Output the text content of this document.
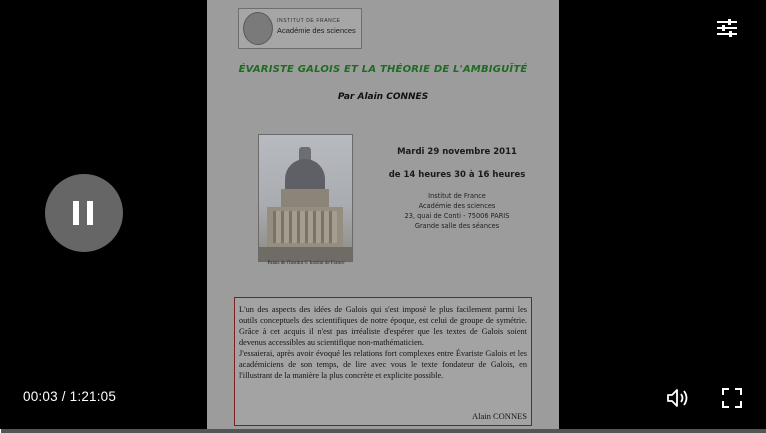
INSTITUT DE FRANCE
Académie des sciences
ÉVARISTE GALOIS ET LA THÉORIE DE L'AMBIGUÏTÉ
Par Alain CONNES
Palais de l'Institut © Institut de France
Mardi 29 novembre 2011
de 14 heures 30 à 16 heures
Institut de France
Académie des sciences
23, quai de Conti - 75006 PARIS
Grande salle des séances

L'un des aspects des idées de Galois qui s'est imposé le plus facilement parmi les outils conceptuels des scientifiques de notre époque, est celui de groupe de symétrie. Grâce à cet acquis il n'est pas irréaliste d'espérer que les textes de Galois soient devenus accessibles au scientifique non-mathématicien.

J'essaierai, après avoir évoqué les relations fort complexes entre Évariste Galois et les académiciens de son temps, de lire avec vous le texte fondateur de Galois, en l'illustrant de la manière la plus concrète et explicite possible.

Alain CONNES
00:03 / 1:21:05
